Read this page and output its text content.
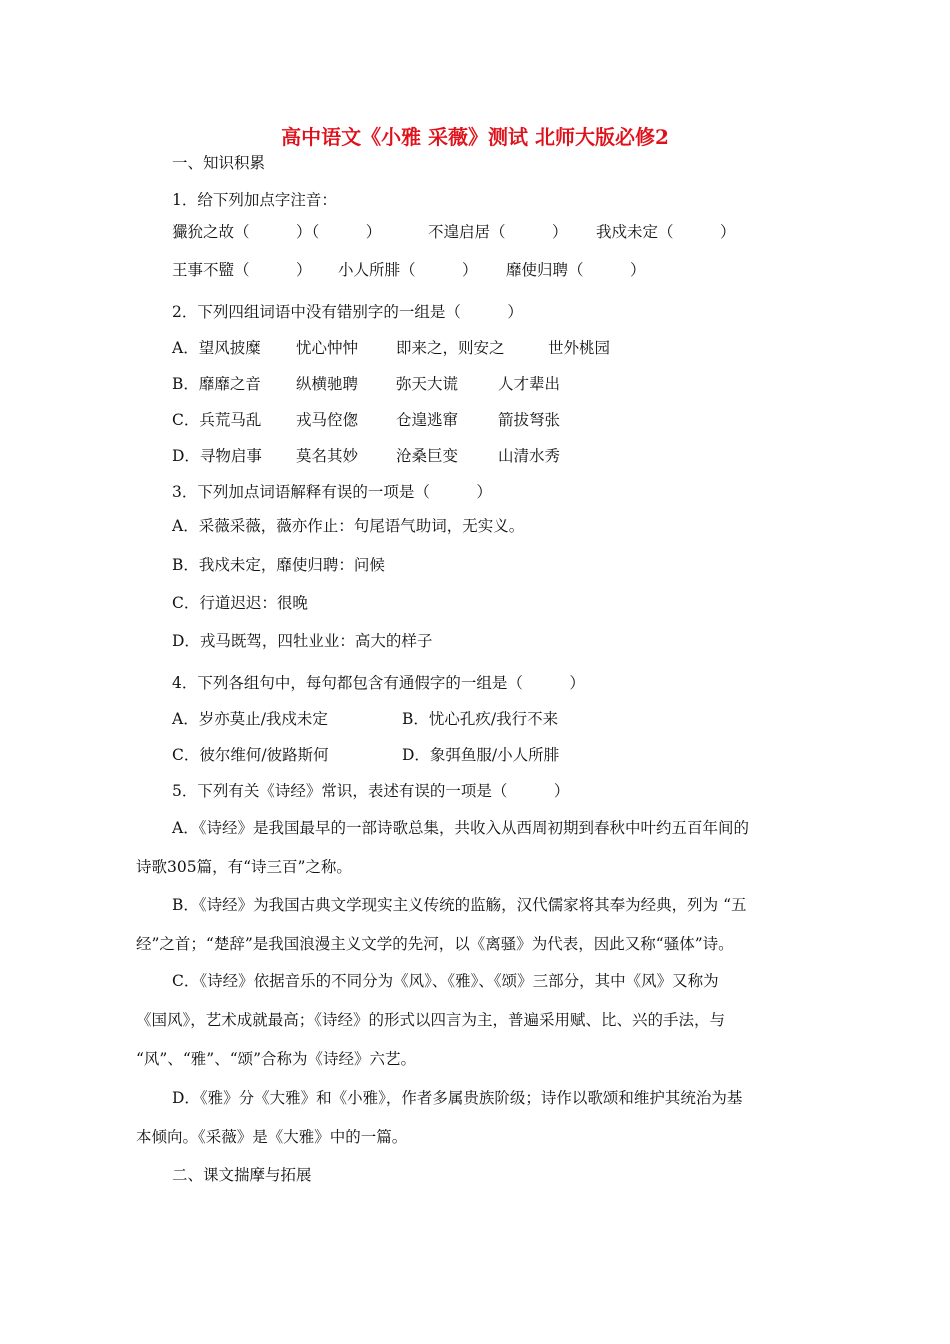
高中语文《小雅 采薇》测试 北师大版必修2
一、知识积累
1．给下列加点字注音：
玁狁之故（　　　）（　　　）	不遑启居（　　　） 我戍未定（　　　）
王事不盬（　　　） 小人所腓（　　　） 靡使归聘（　　　）
2．下列四组词语中没有错别字的一组是（　　　）
A．望风披糜 忧心忡忡 即来之，则安之	世外桃园
B．靡靡之音 纵横驰聘 弥天大谎	人才辈出
C．兵荒马乱 戎马倥偬 仓遑逃窜	箭拔弩张
D．寻物启事 莫名其妙 沧桑巨变	山清水秀
3．下列加点词语解释有误的一项是（　　　）
A．采薇采薇，薇亦作止：句尾语气助词，无实义。
B．我戍未定，靡使归聘：问候
C．行道迟迟：很晚
D．戎马既驾，四牡业业：高大的样子
4．下列各组句中，每句都包含有通假字的一组是（　　　）
A．岁亦莫止/我戍未定	B．忧心孔疚/我行不来
C．彼尔维何/彼路斯何	D．象弭鱼服/小人所腓
5．下列有关《诗经》常识，表述有误的一项是（　　　）
A．《诗经》是我国最早的一部诗歌总集，共收入从西周初期到春秋中叶约五百年间的
诗歌305篇，有“诗三百”之称。
B．《诗经》为我国古典文学现实主义传统的监觞，汉代儒家将其奉为经典，列为 “五
经”之首；“楚辞”是我国浪漫主义文学的先河，以《离骚》为代表，因此又称“骚体”诗。
C．《诗经》依据音乐的不同分为《风》、《雅》、《颂》三部分，其中《风》又称为
《国风》，艺术成就最高；《诗经》的形式以四言为主，普遍采用赋、比、兴的手法，与
“风”、“雅”、“颂”合称为《诗经》六艺。
D．《雅》分《大雅》和《小雅》，作者多属贵族阶级；诗作以歌颂和维护其统治为基
本倾向。《采薇》是《大雅》中的一篇。
二、课文揣摩与拓展
